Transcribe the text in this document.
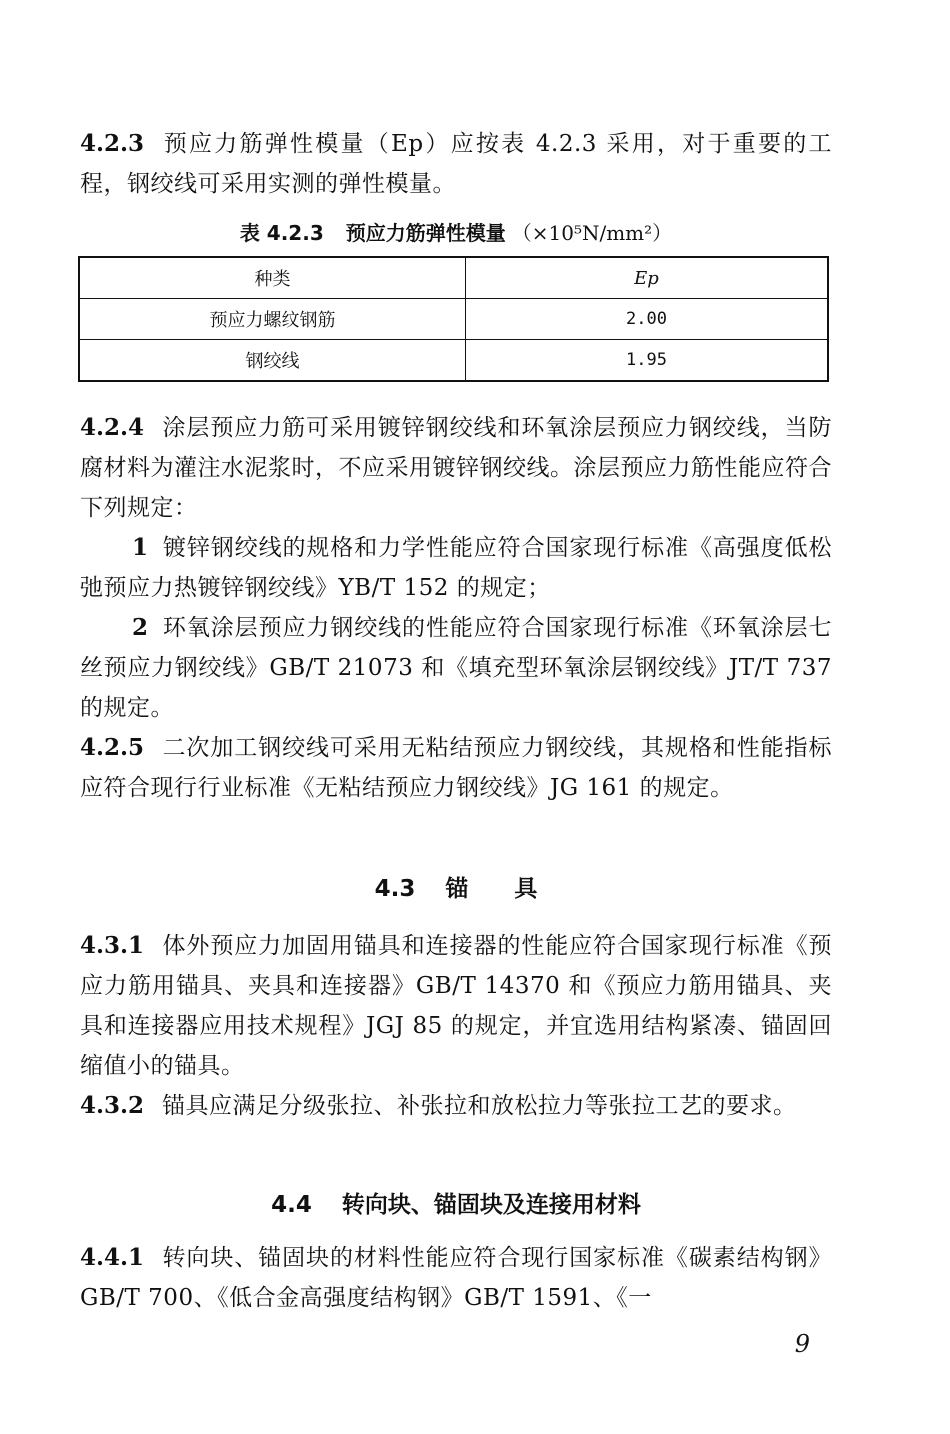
4.2.3 预应力筋弹性模量（Ep）应按表 4.2.3 采用，对于重要的工程，钢绞线可采用实测的弹性模量。

表 4.2.3 预应力筋弹性模量 （×10⁵N/mm²）

种类	Ep
预应力螺纹钢筋	2.00
钢绞线	1.95

4.2.4 涂层预应力筋可采用镀锌钢绞线和环氧涂层预应力钢绞线，当防腐材料为灌注水泥浆时，不应采用镀锌钢绞线。涂层预应力筋性能应符合下列规定：

1 镀锌钢绞线的规格和力学性能应符合国家现行标准《高强度低松弛预应力热镀锌钢绞线》YB/T 152 的规定；

2 环氧涂层预应力钢绞线的性能应符合国家现行标准《环氧涂层七丝预应力钢绞线》GB/T 21073 和《填充型环氧涂层钢绞线》JT/T 737 的规定。

4.2.5 二次加工钢绞线可采用无粘结预应力钢绞线，其规格和性能指标应符合现行行业标准《无粘结预应力钢绞线》JG 161 的规定。

4.3 锚　　具

4.3.1 体外预应力加固用锚具和连接器的性能应符合国家现行标准《预应力筋用锚具、夹具和连接器》GB/T 14370 和《预应力筋用锚具、夹具和连接器应用技术规程》JGJ 85 的规定，并宜选用结构紧凑、锚固回缩值小的锚具。

4.3.2 锚具应满足分级张拉、补张拉和放松拉力等张拉工艺的要求。

4.4 转向块、锚固块及连接用材料

4.4.1 转向块、锚固块的材料性能应符合现行国家标准《碳素结构钢》GB/T 700、《低合金高强度结构钢》GB/T 1591、《一

9
